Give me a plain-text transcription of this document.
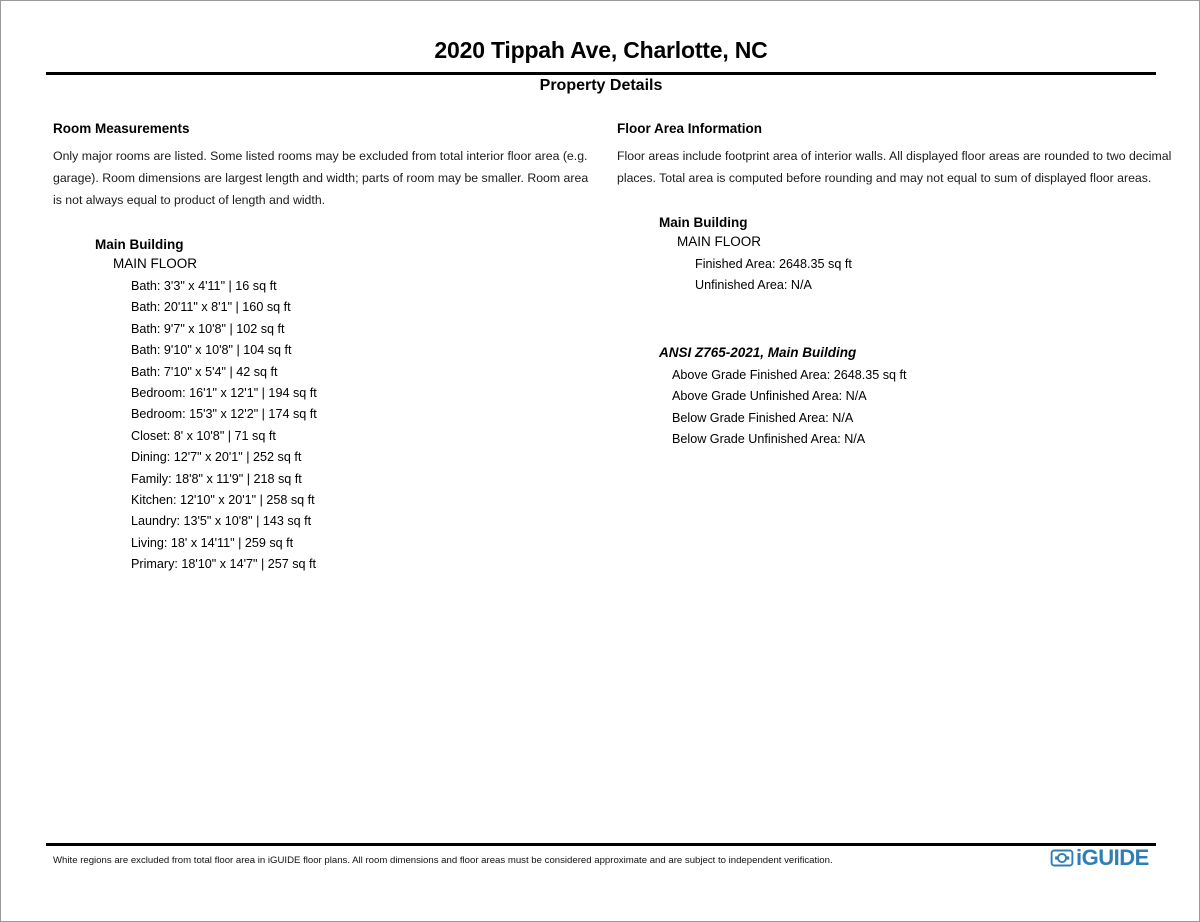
2020 Tippah Ave, Charlotte, NC
Property Details
Room Measurements

Only major rooms are listed. Some listed rooms may be excluded from total interior floor area (e.g. garage). Room dimensions are largest length and width; parts of room may be smaller. Room area is not always equal to product of length and width.

Main Building
MAIN FLOOR
Bath: 3'3" x 4'11" | 16 sq ft
Bath: 20'11" x 8'1" | 160 sq ft
Bath: 9'7" x 10'8" | 102 sq ft
Bath: 9'10" x 10'8" | 104 sq ft
Bath: 7'10" x 5'4" | 42 sq ft
Bedroom: 16'1" x 12'1" | 194 sq ft
Bedroom: 15'3" x 12'2" | 174 sq ft
Closet: 8' x 10'8" | 71 sq ft
Dining: 12'7" x 20'1" | 252 sq ft
Family: 18'8" x 11'9" | 218 sq ft
Kitchen: 12'10" x 20'1" | 258 sq ft
Laundry: 13'5" x 10'8" | 143 sq ft
Living: 18' x 14'11" | 259 sq ft
Primary: 18'10" x 14'7" | 257 sq ft
Floor Area Information

Floor areas include footprint area of interior walls. All displayed floor areas are rounded to two decimal places. Total area is computed before rounding and may not equal to sum of displayed floor areas.

Main Building
MAIN FLOOR
Finished Area: 2648.35 sq ft
Unfinished Area: N/A
ANSI Z765-2021, Main Building
Above Grade Finished Area: 2648.35 sq ft
Above Grade Unfinished Area: N/A
Below Grade Finished Area: N/A
Below Grade Unfinished Area: N/A
White regions are excluded from total floor area in iGUIDE floor plans. All room dimensions and floor areas must be considered approximate and are subject to independent verification.	iGUIDE
